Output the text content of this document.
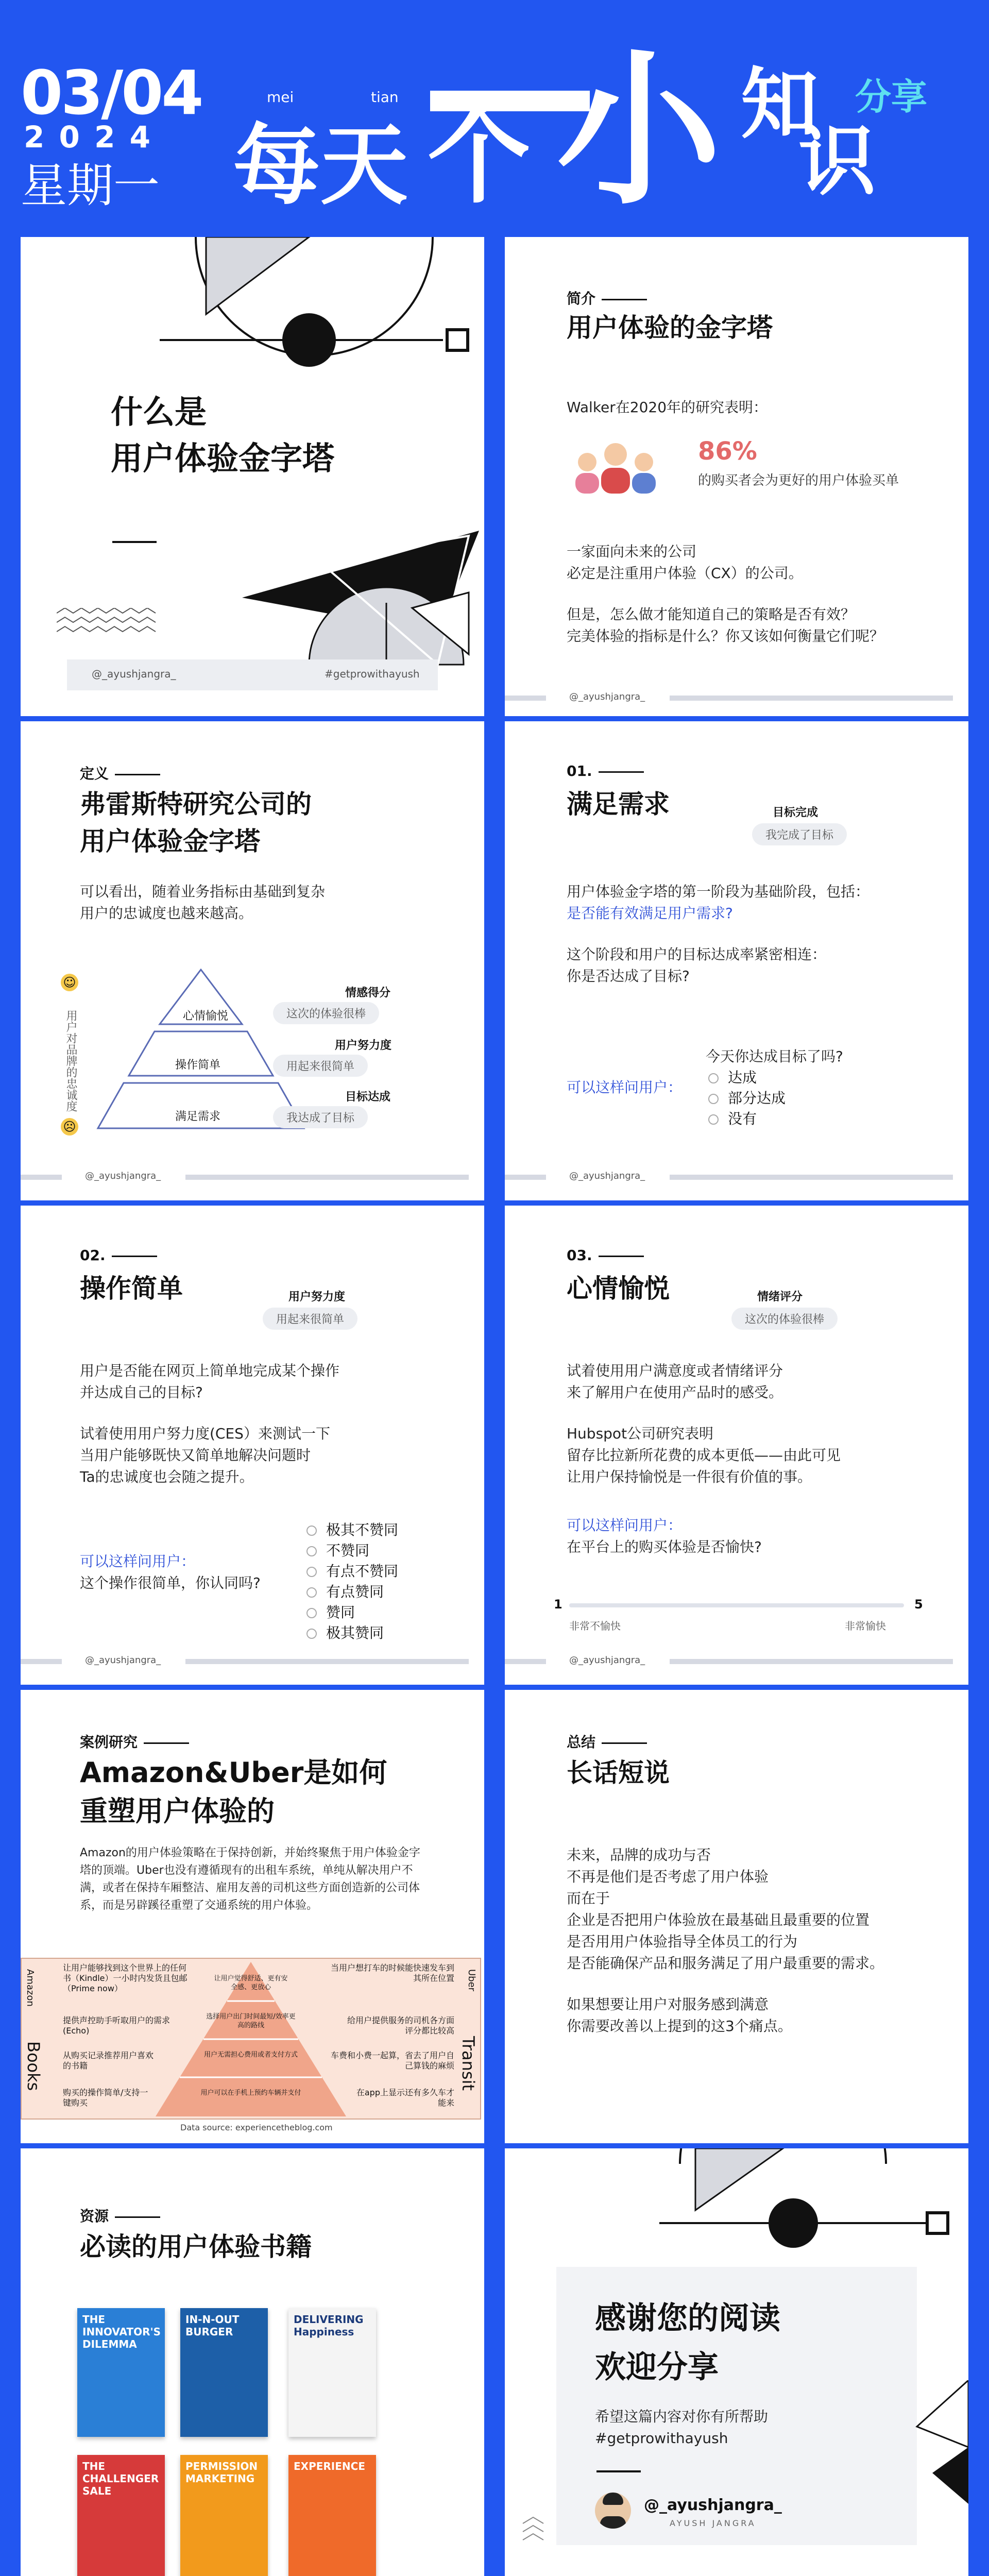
03/04
2 0 2 4
星期一
mei	tian
每天 个 小 知
识
分享
什么是
用户体验金字塔
@_ayushjangra_	#getprowithayush
简介
用户体验的金字塔
Walker在2020年的研究表明：
86%
的购买者会为更好的用户体验买单
一家面向未来的公司
必定是注重用户体验（CX）的公司。
但是，怎么做才能知道自己的策略是否有效？
完美体验的指标是什么？你又该如何衡量它们呢？
@_ayushjangra_
定义
弗雷斯特研究公司的
用户体验金字塔
可以看出，随着业务指标由基础到复杂
用户的忠诚度也越来越高。
☺
用户对品牌的忠诚度
☹
心情愉悦
操作简单
满足需求
情感得分
这次的体验很棒
用户努力度
用起来很简单
目标达成
我达成了目标
@_ayushjangra_
01.
满足需求	目标完成
我完成了目标
用户体验金字塔的第一阶段为基础阶段，包括：
是否能有效满足用户需求?
这个阶段和用户的目标达成率紧密相连：
你是否达成了目标?
可以这样问用户：
今天你达成目标了吗?
达成
部分达成
没有
@_ayushjangra_
02.
操作简单	用户努力度
用起来很简单
用户是否能在网页上简单地完成某个操作
并达成自己的目标?
试着使用用户努力度(CES）来测试一下
当用户能够既快又简单地解决问题时
Ta的忠诚度也会随之提升。
可以这样问用户：
这个操作很简单，你认同吗?
极其不赞同
不赞同
有点不赞同
有点赞同
赞同
极其赞同
@_ayushjangra_
03.
心情愉悦	情绪评分
这次的体验很棒
试着使用用户满意度或者情绪评分
来了解用户在使用产品时的感受。
Hubspot公司研究表明
留存比拉新所花费的成本更低——由此可见
让用户保持愉悦是一件很有价值的事。
可以这样问用户：
在平台上的购买体验是否愉快?
1	5
非常不愉快	非常愉快
@_ayushjangra_
案例研究
Amazon&Uber是如何
重塑用户体验的
Amazon的用户体验策略在于保持创新，并始终聚焦于用户体验金字塔的顶端。Uber也没有遵循现有的出租车系统，单纯从解决用户不满，或者在保持车厢整洁、雇用友善的司机这些方面创造新的公司体系，而是另辟蹊径重塑了交通系统的用户体验。
Amazon
Books
Uber
Transit
让用户能够找到这个世界上的任何书（Kindle）一小时内发货且包邮（Prime now）
提供声控助手听取用户的需求(Echo)
从购买记录推荐用户喜欢的书籍
购买的操作简单/支持一键购买
让用户觉得舒适、更有安全感、更放心
选择用户出门时间最短/效率更高的路线
用户无需担心费用或者支付方式
用户可以在手机上预约车辆并支付
当用户想打车的时候能快速发车到其所在位置
给用户提供服务的司机各方面评分都比较高
车费和小费一起算，省去了用户自己算钱的麻烦
在app上显示还有多久车才能来
Data source: experiencetheblog.com
总结
长话短说
未来，品牌的成功与否
不再是他们是否考虑了用户体验
而在于
企业是否把用户体验放在最基础且最重要的位置
是否用用户体验指导全体员工的行为
是否能确保产品和服务满足了用户最重要的需求。
如果想要让用户对服务感到满意
你需要改善以上提到的这3个痛点。
资源
必读的用户体验书籍
THE INNOVATOR'S DILEMMA
IN-N-OUT BURGER
DELIVERING Happiness
THE CHALLENGER SALE
PERMISSION MARKETING
EXPERIENCE
感谢您的阅读
欢迎分享
希望这篇内容对你有所帮助
#getprowithayush
@_ayushjangra_
AYUSH JANGRA
